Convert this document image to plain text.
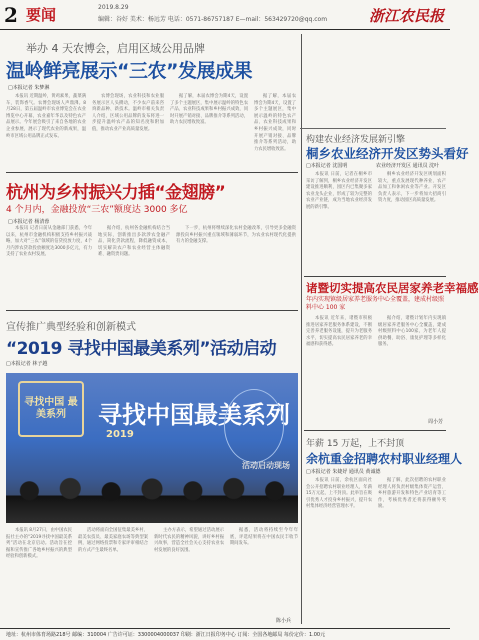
2 要闻	2019.8.29
编辑：谷好 美术：杨远芳 电话：0571-86757187 E—mail：563429720@qq.com	浙江农民报
举办 4 天农博会，启用区域公用品牌
温岭鲜亮展示“三农”发展成果
□本报记者 朱梦淋

本报讯 近期温岭，黄鸡素果，蔬菜满车，装饰香气。农博会现场人声鼎沸。8月28日，第五届温岭市农业博览会在农业博览中心开幕，农业嘉年华以及特色农产品展示。今年展会吸引了来自各地的农业企业参展，展示了现代农业的新成果，温岭市区域公用品牌正式发布。

农博会现场，农业科技和农业服务展示区人头攒动，不少农户前来咨询新品种、新技术。温岭市相关负责人介绍，区域公用品牌的发布将进一步提升温岭农产品的知名度和附加值，推动农业产业高质量发展。

据了解，本届农博会为期4天，设置了多个主题展区，集中展示温岭的特色农产品、农业科技成果和乡村振兴成效，同时开展产销对接、品牌推介等系列活动，助力农民增收致富。

据了解，本届农博会为期4天，设置了多个主题展区，集中展示温岭的特色农产品、农业科技成果和乡村振兴成效，同时开展产销对接、品牌推介等系列活动，助力农民增收致富。

杭州为乡村振兴力插“金翅膀”
4 个月内，金融投放“三农”额度达 3000 多亿
□本报记者 杨清蓉

本报讯 记者日前从金融部门获悉，今年以来，杭州市金融机构积极支持乡村振兴战略，加大对“三农”领域的信贷投放力度，4个月内涉农贷款投放额度达3000多亿元，有力支持了农业农村发展。

据介绍，杭州各金融机构结合当地实际，创新推出多款涉农金融产品，简化贷款流程，降低融资成本，切实解决农户和农业经营主体融资难、融资贵问题。

下一步，杭州将继续深化农村金融改革，引导更多金融资源投向乡村振兴重点领域和薄弱环节，为农业农村现代化提供有力的金融支撑。

宣传推广典型经验和创新模式
“2019 寻找中国最美系列”活动启动
□本报记者 林子越
寻找中国 最美系列	寻找中国最美系列
2019
活动启动现场

本报讯 8月27日，由中国农民报社主办的“2019寻找中国最美系列”活动在北京启动。活动旨在挖掘和宣传推广各地乡村振兴的典型经验和创新模式。

活动将面向全国征集最美乡村、最美农技员、最美家庭农场等典型案例，通过网络投票和专家评审相结合的方式产生最终名单。

主办方表示，希望通过活动展示新时代农民的精神风貌，讲好乡村振兴故事，营造全社会关心支持农业农村发展的良好氛围。

据悉，活动将持续至今年年底，评选结果将在中国农民丰收节期间发布。

陈小兵
构建农业经济发展新引擎
桐乡农业经济开发区势头看好
□本报记者 沈国明	农业经济开发区 通讯员 沈叶

本报讯 日前，记者在桐乡市采访了解到，桐乡农业经济开发区建设推进顺利，园区内已集聚多家农业龙头企业，形成了较为完整的农业产业链，成为当地农业经济发展的新引擎。

桐乡农业经济开发区规划面积较大，重点发展现代种养业、农产品加工和休闲农业等产业。开发区负责人表示，下一步将加大招商引资力度，推动园区高质量发展。

诸暨切实提高农民居家养老幸福感
年内实现镇级居家养老服务中心全覆盖，建成村级照料中心 100 家

本报讯 近年来，诸暨市积极推进居家养老服务体系建设，不断完善养老服务设施，提升为老服务水平，切实提高农民居家养老的幸福感和获得感。

据介绍，诸暨计划年内实现镇级居家养老服务中心全覆盖，建成村级照料中心100家，为老年人提供助餐、助浴、康复护理等多样化服务。

周小芳
年薪 15 万起，上不封顶
余杭重金招聘农村职业经理人
□本报记者 朱婕妤 通讯员 黄诚德

本报讯 日前，余杭区面向社会公开招聘农村职业经理人，年薪15万元起，上不封顶。此举旨在吸引优秀人才投身乡村振兴，提升农村集体经济经营管理水平。

据了解，此次招聘的农村职业经理人将负责村级集体资产运营、乡村旅游开发和特色产业培育等工作，考核优秀者还将获得额外奖励。

地址：杭州市体育场路218号 邮编：310004 广告许可证：3300004000037 印刷：浙江日报印务中心 订阅：全国各地邮局 每份定价：1.00元
